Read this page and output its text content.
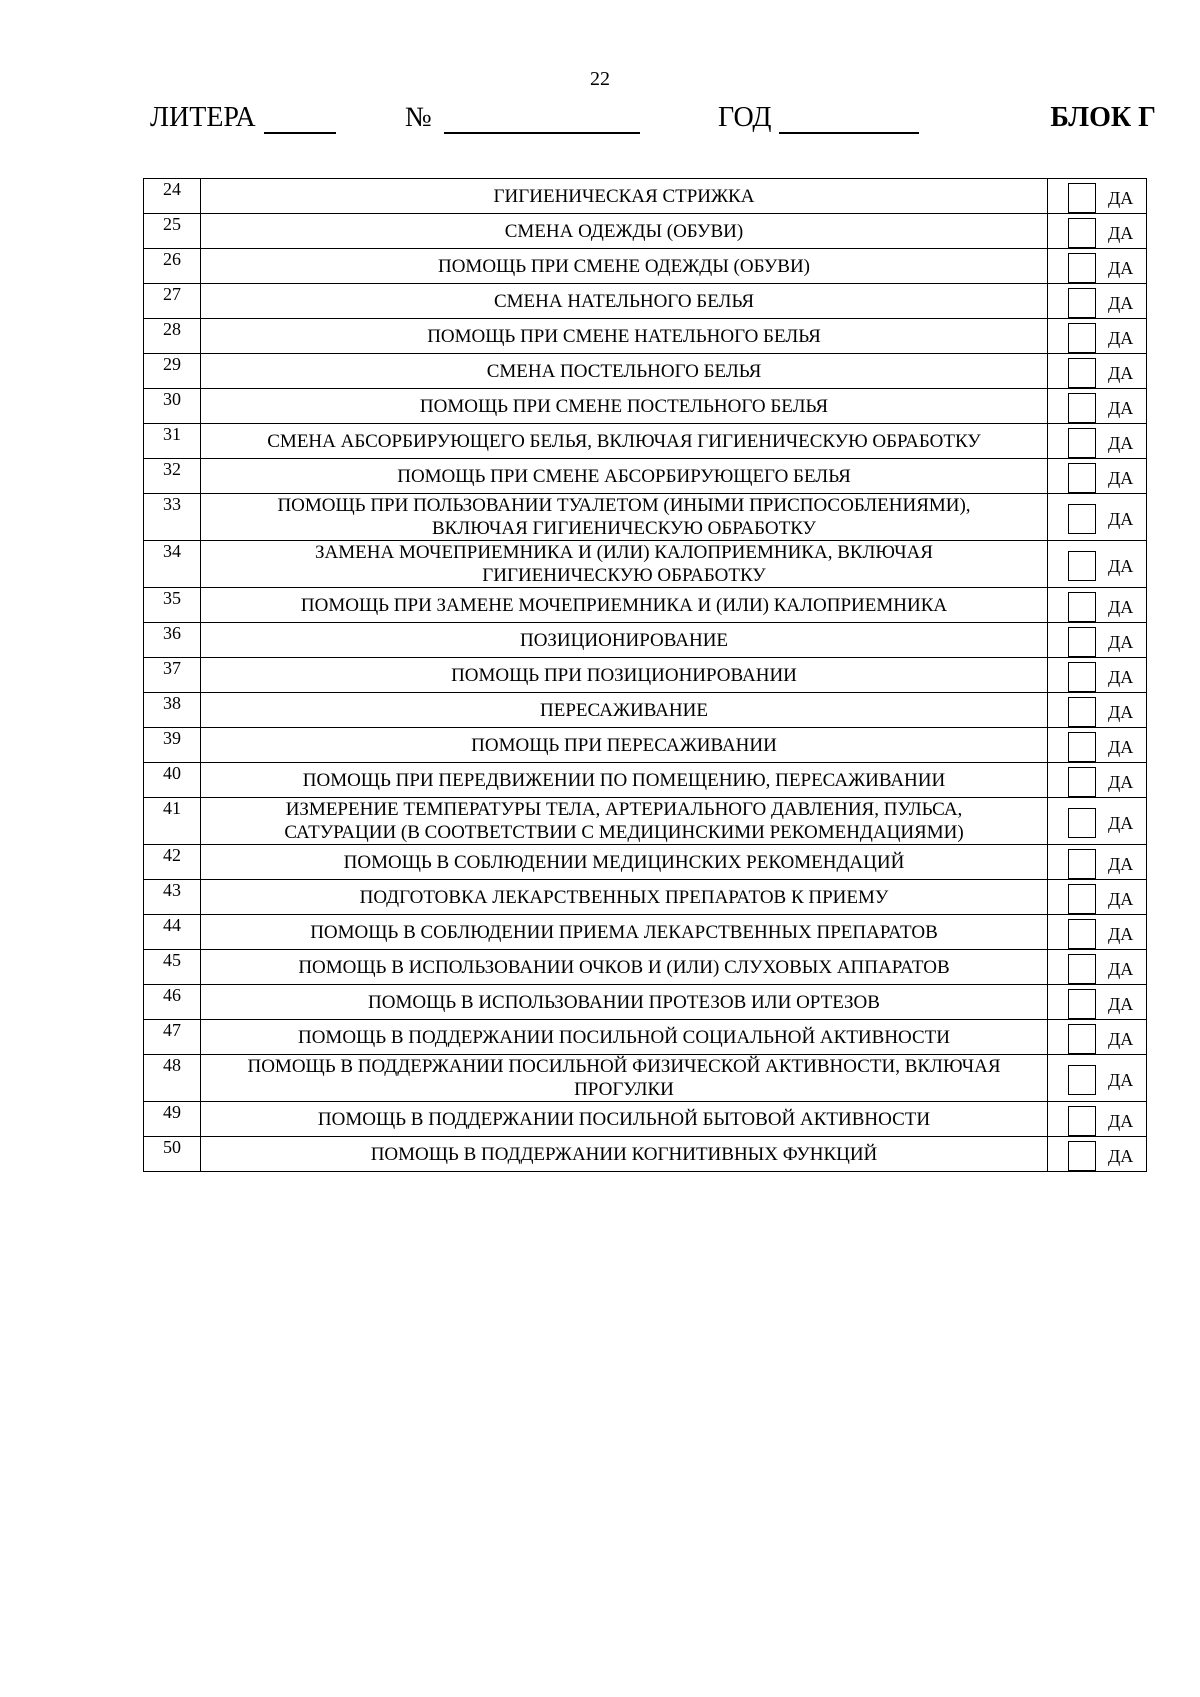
22
ЛИТЕРА	№	ГОД	БЛОК Г
24	ГИГИЕНИЧЕСКАЯ СТРИЖКА	ДА

25	СМЕНА ОДЕЖДЫ (ОБУВИ)	ДА

26	ПОМОЩЬ ПРИ СМЕНЕ ОДЕЖДЫ (ОБУВИ)	ДА

27	СМЕНА НАТЕЛЬНОГО БЕЛЬЯ	ДА

28	ПОМОЩЬ ПРИ СМЕНЕ НАТЕЛЬНОГО БЕЛЬЯ	ДА

29	СМЕНА ПОСТЕЛЬНОГО БЕЛЬЯ	ДА

30	ПОМОЩЬ ПРИ СМЕНЕ ПОСТЕЛЬНОГО БЕЛЬЯ	ДА

31	СМЕНА АБСОРБИРУЮЩЕГО БЕЛЬЯ, ВКЛЮЧАЯ ГИГИЕНИЧЕСКУЮ ОБРАБОТКУ	ДА

32	ПОМОЩЬ ПРИ СМЕНЕ АБСОРБИРУЮЩЕГО БЕЛЬЯ	ДА

33	ПОМОЩЬ ПРИ ПОЛЬЗОВАНИИ ТУАЛЕТОМ (ИНЫМИ ПРИСПОСОБЛЕНИЯМИ),
ВКЛЮЧАЯ ГИГИЕНИЧЕСКУЮ ОБРАБОТКУ	ДА

34	ЗАМЕНА МОЧЕПРИЕМНИКА И (ИЛИ) КАЛОПРИЕМНИКА, ВКЛЮЧАЯ
ГИГИЕНИЧЕСКУЮ ОБРАБОТКУ	ДА

35	ПОМОЩЬ ПРИ ЗАМЕНЕ МОЧЕПРИЕМНИКА И (ИЛИ) КАЛОПРИЕМНИКА	ДА

36	ПОЗИЦИОНИРОВАНИЕ	ДА

37	ПОМОЩЬ ПРИ ПОЗИЦИОНИРОВАНИИ	ДА

38	ПЕРЕСАЖИВАНИЕ	ДА

39	ПОМОЩЬ ПРИ ПЕРЕСАЖИВАНИИ	ДА

40	ПОМОЩЬ ПРИ ПЕРЕДВИЖЕНИИ ПО ПОМЕЩЕНИЮ, ПЕРЕСАЖИВАНИИ	ДА

41	ИЗМЕРЕНИЕ ТЕМПЕРАТУРЫ ТЕЛА, АРТЕРИАЛЬНОГО ДАВЛЕНИЯ, ПУЛЬСА,
САТУРАЦИИ (В СООТВЕТСТВИИ С МЕДИЦИНСКИМИ РЕКОМЕНДАЦИЯМИ)	ДА

42	ПОМОЩЬ В СОБЛЮДЕНИИ МЕДИЦИНСКИХ РЕКОМЕНДАЦИЙ	ДА

43	ПОДГОТОВКА ЛЕКАРСТВЕННЫХ ПРЕПАРАТОВ К ПРИЕМУ	ДА

44	ПОМОЩЬ В СОБЛЮДЕНИИ ПРИЕМА ЛЕКАРСТВЕННЫХ ПРЕПАРАТОВ	ДА

45	ПОМОЩЬ В ИСПОЛЬЗОВАНИИ ОЧКОВ И (ИЛИ) СЛУХОВЫХ АППАРАТОВ	ДА

46	ПОМОЩЬ В ИСПОЛЬЗОВАНИИ ПРОТЕЗОВ ИЛИ ОРТЕЗОВ	ДА

47	ПОМОЩЬ В ПОДДЕРЖАНИИ ПОСИЛЬНОЙ СОЦИАЛЬНОЙ АКТИВНОСТИ	ДА

48	ПОМОЩЬ В ПОДДЕРЖАНИИ ПОСИЛЬНОЙ ФИЗИЧЕСКОЙ АКТИВНОСТИ, ВКЛЮЧАЯ
ПРОГУЛКИ	ДА

49	ПОМОЩЬ В ПОДДЕРЖАНИИ ПОСИЛЬНОЙ БЫТОВОЙ АКТИВНОСТИ	ДА

50	ПОМОЩЬ В ПОДДЕРЖАНИИ КОГНИТИВНЫХ ФУНКЦИЙ	ДА
